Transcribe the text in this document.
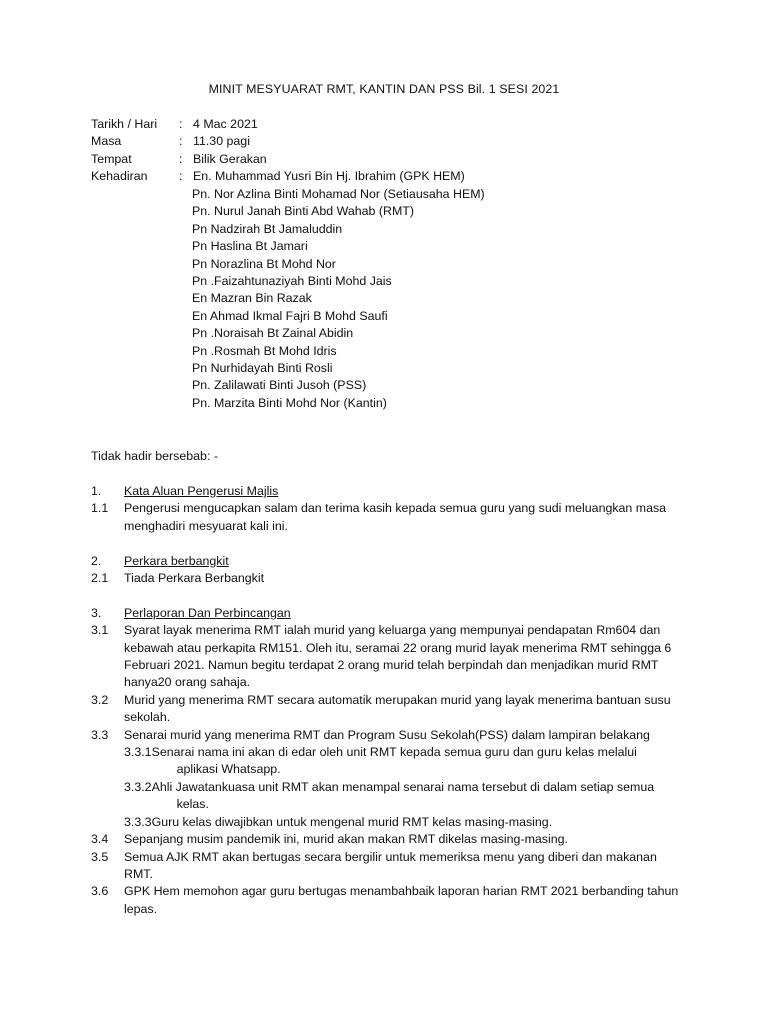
MINIT MESYUARAT RMT, KANTIN DAN PSS Bil. 1 SESI 2021
Tarikh / Hari	: 4 Mac 2021
Masa	: 11.30 pagi
Tempat	: Bilik Gerakan
Kehadiran	: En. Muhammad Yusri Bin Hj. Ibrahim (GPK HEM)
Pn. Nor Azlina Binti Mohamad Nor (Setiausaha HEM)
Pn. Nurul Janah Binti Abd Wahab (RMT)
Pn Nadzirah Bt Jamaluddin
Pn Haslina Bt Jamari
Pn Norazlina Bt Mohd Nor
Pn .Faizahtunaziyah Binti Mohd Jais
En Mazran Bin Razak
En Ahmad Ikmal Fajri B Mohd Saufi
Pn .Noraisah Bt Zainal Abidin
Pn .Rosmah Bt Mohd Idris
Pn Nurhidayah Binti Rosli
Pn. Zalilawati Binti Jusoh (PSS)
Pn. Marzita Binti Mohd Nor (Kantin)
Tidak hadir bersebab: -
1.	Kata Aluan Pengerusi Majlis
1.1	Pengerusi mengucapkan salam dan terima kasih kepada semua guru yang sudi meluangkan masa menghadiri mesyuarat kali ini.
2.	Perkara berbangkit
2.1	Tiada Perkara Berbangkit
3.	Perlaporan Dan Perbincangan
3.1	Syarat layak menerima RMT ialah murid yang keluarga yang mempunyai pendapatan Rm604 dan kebawah atau perkapita RM151. Oleh itu, seramai 22 orang murid layak menerima RMT sehingga 6 Februari 2021. Namun begitu terdapat 2 orang murid telah berpindah dan menjadikan murid RMT hanya20 orang sahaja.
3.2	Murid yang menerima RMT secara automatik merupakan murid yang layak menerima bantuan susu sekolah.
3.3	Senarai murid yang menerima RMT dan Program Susu Sekolah(PSS) dalam lampiran belakang
3.3.1 Senarai nama ini akan di edar oleh unit RMT kepada semua guru dan guru kelas melalui
aplikasi Whatsapp.
3.3.2 Ahli Jawatankuasa unit RMT akan menampal senarai nama tersebut di dalam setiap semua
kelas.
3.3.3 Guru kelas diwajibkan untuk mengenal murid RMT kelas masing-masing.
3.4	Sepanjang musim pandemik ini, murid akan makan RMT dikelas masing-masing.
3.5	Semua AJK RMT akan bertugas secara bergilir untuk memeriksa menu yang diberi dan makanan RMT.
3.6	GPK Hem memohon agar guru bertugas menambahbaik laporan harian RMT 2021 berbanding tahun lepas.
